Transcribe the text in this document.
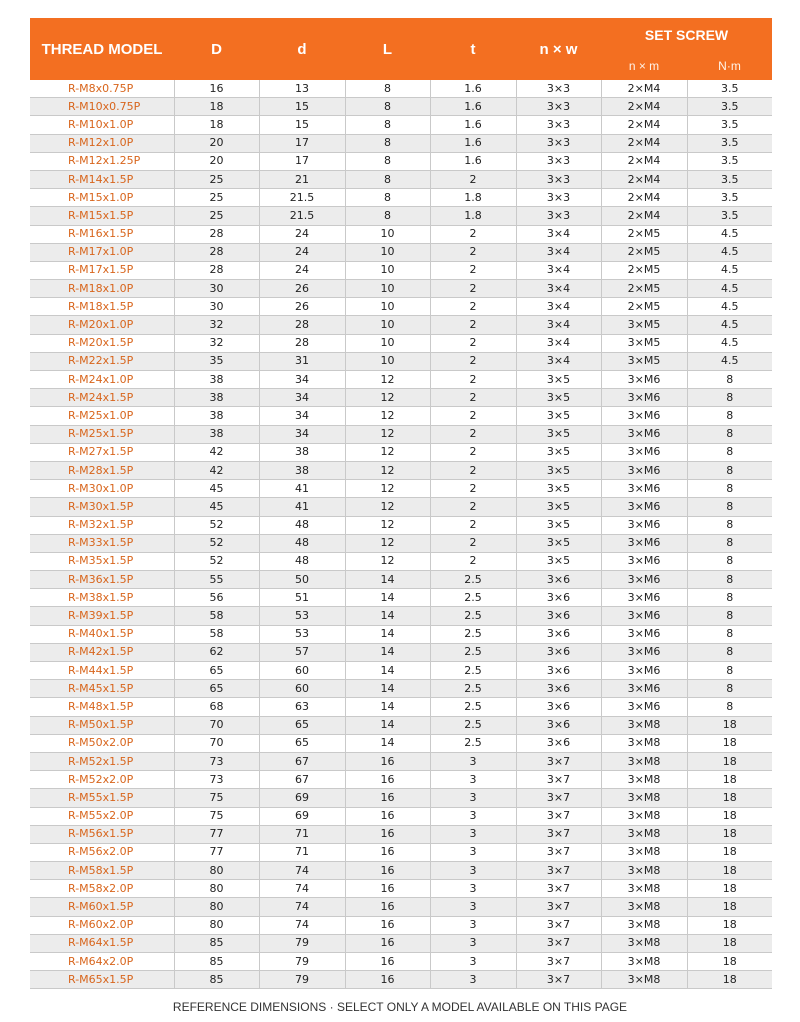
THREAD MODEL	D	d	L	t	n × w	SET SCREW	
						n × m	N·m
R-M8x0.75P	16	13	8	1.6	3×3	2×M4	3.5
R-M10x0.75P	18	15	8	1.6	3×3	2×M4	3.5
R-M10x1.0P	18	15	8	1.6	3×3	2×M4	3.5
R-M12x1.0P	20	17	8	1.6	3×3	2×M4	3.5
R-M12x1.25P	20	17	8	1.6	3×3	2×M4	3.5
R-M14x1.5P	25	21	8	2	3×3	2×M4	3.5
R-M15x1.0P	25	21.5	8	1.8	3×3	2×M4	3.5
R-M15x1.5P	25	21.5	8	1.8	3×3	2×M4	3.5
R-M16x1.5P	28	24	10	2	3×4	2×M5	4.5
R-M17x1.0P	28	24	10	2	3×4	2×M5	4.5
R-M17x1.5P	28	24	10	2	3×4	2×M5	4.5
R-M18x1.0P	30	26	10	2	3×4	2×M5	4.5
R-M18x1.5P	30	26	10	2	3×4	2×M5	4.5
R-M20x1.0P	32	28	10	2	3×4	3×M5	4.5
R-M20x1.5P	32	28	10	2	3×4	3×M5	4.5
R-M22x1.5P	35	31	10	2	3×4	3×M5	4.5
R-M24x1.0P	38	34	12	2	3×5	3×M6	8
R-M24x1.5P	38	34	12	2	3×5	3×M6	8
R-M25x1.0P	38	34	12	2	3×5	3×M6	8
R-M25x1.5P	38	34	12	2	3×5	3×M6	8
R-M27x1.5P	42	38	12	2	3×5	3×M6	8
R-M28x1.5P	42	38	12	2	3×5	3×M6	8
R-M30x1.0P	45	41	12	2	3×5	3×M6	8
R-M30x1.5P	45	41	12	2	3×5	3×M6	8
R-M32x1.5P	52	48	12	2	3×5	3×M6	8
R-M33x1.5P	52	48	12	2	3×5	3×M6	8
R-M35x1.5P	52	48	12	2	3×5	3×M6	8
R-M36x1.5P	55	50	14	2.5	3×6	3×M6	8
R-M38x1.5P	56	51	14	2.5	3×6	3×M6	8
R-M39x1.5P	58	53	14	2.5	3×6	3×M6	8
R-M40x1.5P	58	53	14	2.5	3×6	3×M6	8
R-M42x1.5P	62	57	14	2.5	3×6	3×M6	8
R-M44x1.5P	65	60	14	2.5	3×6	3×M6	8
R-M45x1.5P	65	60	14	2.5	3×6	3×M6	8
R-M48x1.5P	68	63	14	2.5	3×6	3×M6	8
R-M50x1.5P	70	65	14	2.5	3×6	3×M8	18
R-M50x2.0P	70	65	14	2.5	3×6	3×M8	18
R-M52x1.5P	73	67	16	3	3×7	3×M8	18
R-M52x2.0P	73	67	16	3	3×7	3×M8	18
R-M55x1.5P	75	69	16	3	3×7	3×M8	18
R-M55x2.0P	75	69	16	3	3×7	3×M8	18
R-M56x1.5P	77	71	16	3	3×7	3×M8	18
R-M56x2.0P	77	71	16	3	3×7	3×M8	18
R-M58x1.5P	80	74	16	3	3×7	3×M8	18
R-M58x2.0P	80	74	16	3	3×7	3×M8	18
R-M60x1.5P	80	74	16	3	3×7	3×M8	18
R-M60x2.0P	80	74	16	3	3×7	3×M8	18
R-M64x1.5P	85	79	16	3	3×7	3×M8	18
R-M64x2.0P	85	79	16	3	3×7	3×M8	18
R-M65x1.5P	85	79	16	3	3×7	3×M8	18
REFERENCE DIMENSIONS · SELECT ONLY A MODEL AVAILABLE ON THIS PAGE
